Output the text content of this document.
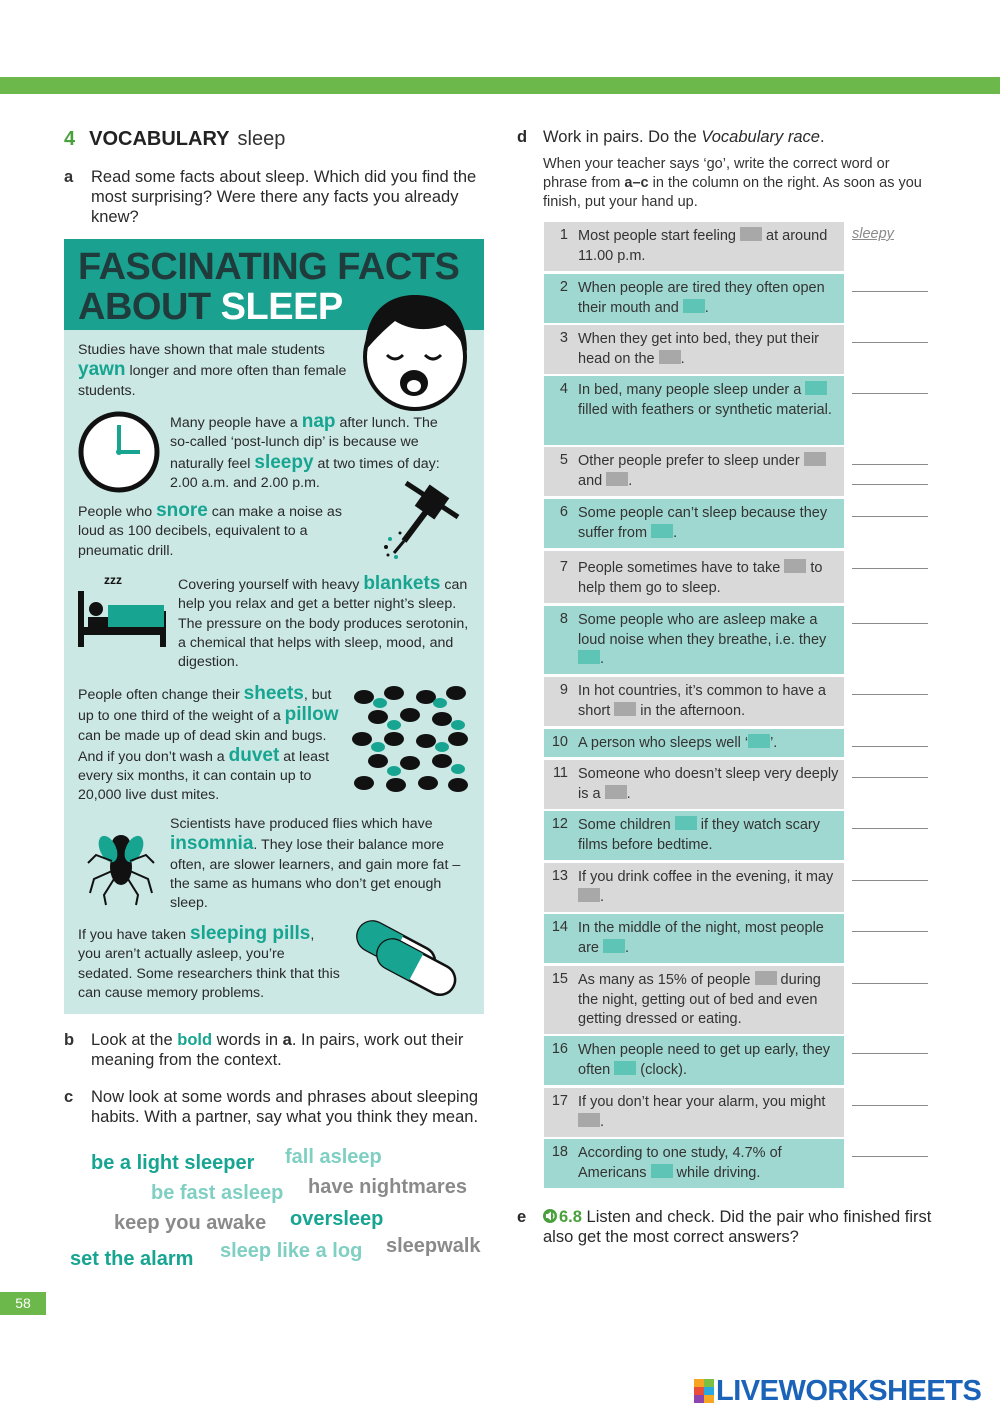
4 VOCABULARY sleep
a Read some facts about sleep. Which did you find the most surprising? Were there any facts you already knew?
FASCINATING FACTS
ABOUT SLEEP
Studies have shown that male students yawn longer and more often than female students.
Many people have a nap after lunch. The so-called ‘post-lunch dip’ is because we naturally feel sleepy at two times of day: 2.00 a.m. and 2.00 p.m.
People who snore can make a noise as loud as 100 decibels, equivalent to a pneumatic drill.
zzz	Covering yourself with heavy blankets can help you relax and get a better night’s sleep. The pressure on the body produces serotonin, a chemical that helps with sleep, mood, and digestion.
People often change their sheets, but up to one third of the weight of a pillow can be made up of dead skin and bugs. And if you don’t wash a duvet at least every six months, it can contain up to 20,000 live dust mites.
Scientists have produced flies which have insomnia. They lose their balance more often, are slower learners, and gain more fat – the same as humans who don’t get enough sleep.
If you have taken sleeping pills, you aren’t actually asleep, you’re sedated. Some researchers think that this can cause memory problems.
b Look at the bold words in a. In pairs, work out their meaning from the context.
c Now look at some words and phrases about sleeping habits. With a partner, say what you think they mean.
be a light sleeper fall asleep
be fast asleep have nightmares
keep you awake oversleep
set the alarm sleep like a log sleepwalk
58
d Work in pairs. Do the Vocabulary race.
When your teacher says ‘go’, write the correct word or phrase from a–c in the column on the right. As soon as you finish, put your hand up.
1 Most people start feeling  at around 11.00 p.m.
sleepy
2 When people are tired they often open their mouth and .
3 When they get into bed, they put their head on the .
4 In bed, many people sleep under a  filled with feathers or synthetic material.
5 Other people prefer to sleep under  and .
6 Some people can’t sleep because they suffer from .
7 People sometimes have to take  to help them go to sleep.
8 Some people who are asleep make a loud noise when they breathe, i.e. they .
9 In hot countries, it’s common to have a short  in the afternoon.
10 A person who sleeps well ‘ ’.
11 Someone who doesn’t sleep very deeply is a .
12 Some children  if they watch scary films before bedtime.
13 If you drink coffee in the evening, it may .
14 In the middle of the night, most people are .
15 As many as 15% of people  during the night, getting out of bed and even getting dressed or eating.
16 When people need to get up early, they often  (clock).
17 If you don’t hear your alarm, you might .
18 According to one study, 4.7% of Americans  while driving.
e	6.8 Listen and check. Did the pair who finished first also get the most correct answers?
LIVEWORKSHEETS
